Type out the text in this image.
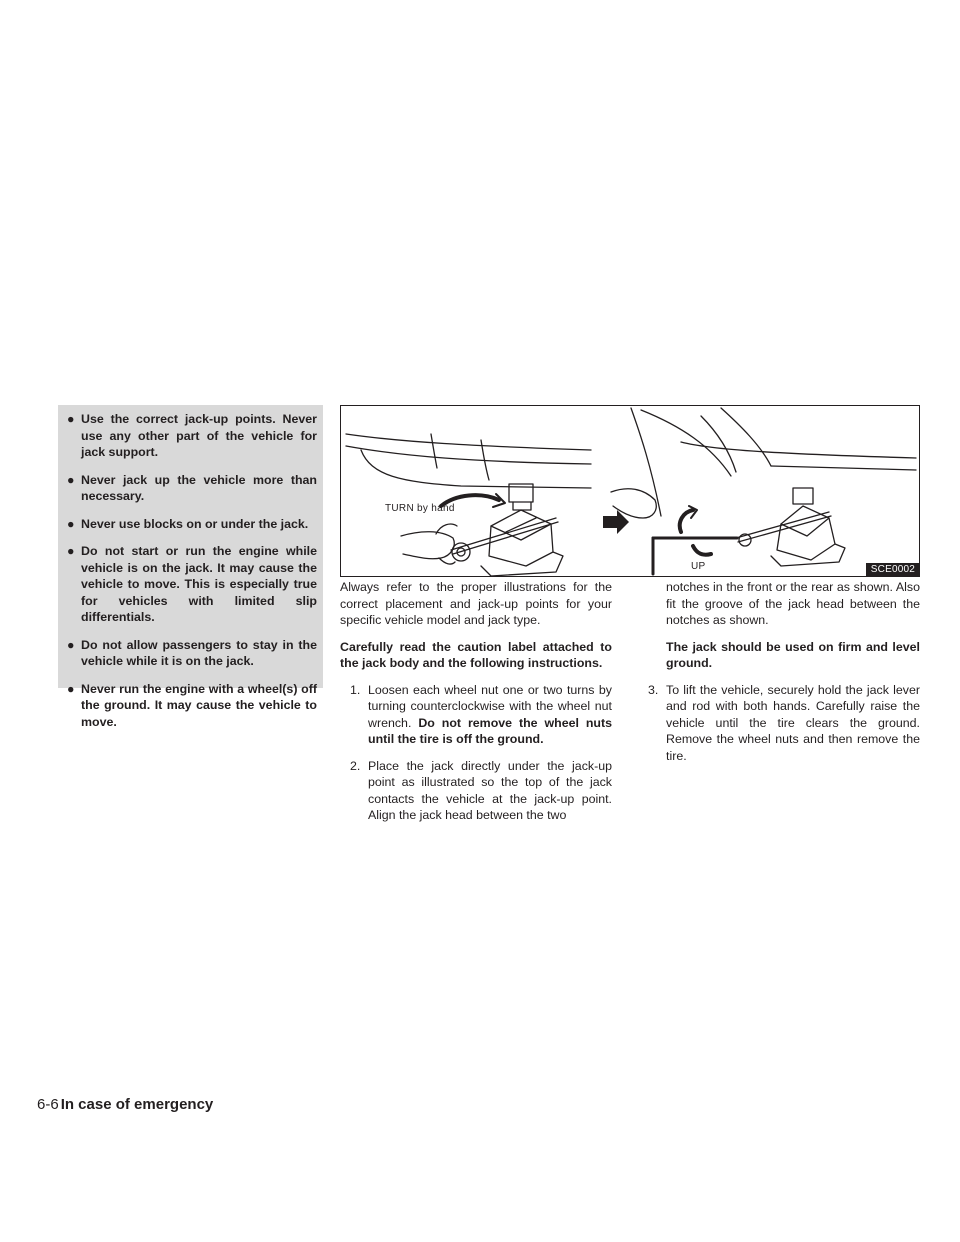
● Use the correct jack-up points. Never use any other part of the vehicle for jack support.
● Never jack up the vehicle more than necessary.
● Never use blocks on or under the jack.
● Do not start or run the engine while vehicle is on the jack. It may cause the vehicle to move. This is especially true for vehicles with limited slip differentials.
● Do not allow passengers to stay in the vehicle while it is on the jack.
● Never run the engine with a wheel(s) off the ground. It may cause the vehicle to move.
TURN by hand
UP	SCE0002

Always refer to the proper illustrations for the correct placement and jack-up points for your specific vehicle model and jack type.

Carefully read the caution label attached to the jack body and the following instructions.

1. Loosen each wheel nut one or two turns by turning counterclockwise with the wheel nut wrench. Do not remove the wheel nuts until the tire is off the ground.

2. Place the jack directly under the jack-up point as illustrated so the top of the jack contacts the vehicle at the jack-up point. Align the jack head between the two

notches in the front or the rear as shown. Also fit the groove of the jack head between the notches as shown.

The jack should be used on firm and level ground.

3. To lift the vehicle, securely hold the jack lever and rod with both hands. Carefully raise the vehicle until the tire clears the ground. Remove the wheel nuts and then remove the tire.

6-6 In case of emergency
